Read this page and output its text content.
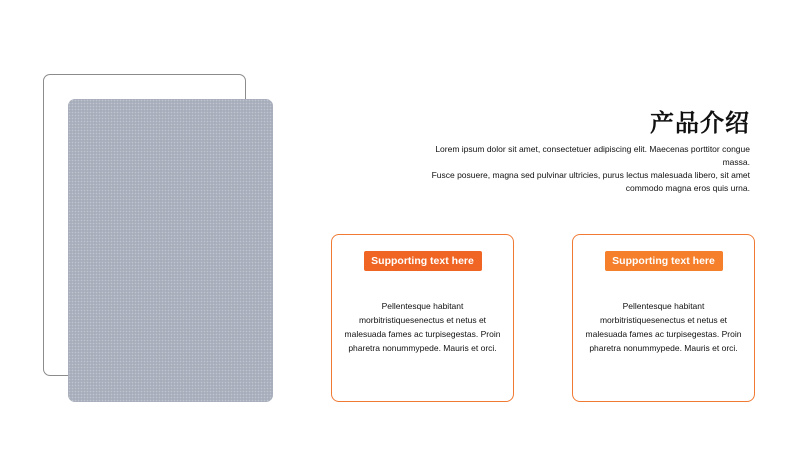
产品介绍

Lorem ipsum dolor sit amet, consectetuer adipiscing elit. Maecenas porttitor congue massa.

Fusce posuere, magna sed pulvinar ultricies, purus lectus malesuada libero, sit amet commodo magna eros quis urna.

Supporting text here

Pellentesque habitant morbitristiquesenectus et netus et malesuada fames ac turpisegestas. Proin pharetra nonummypede. Mauris et orci.

Supporting text here

Pellentesque habitant morbitristiquesenectus et netus et malesuada fames ac turpisegestas. Proin pharetra nonummypede. Mauris et orci.
